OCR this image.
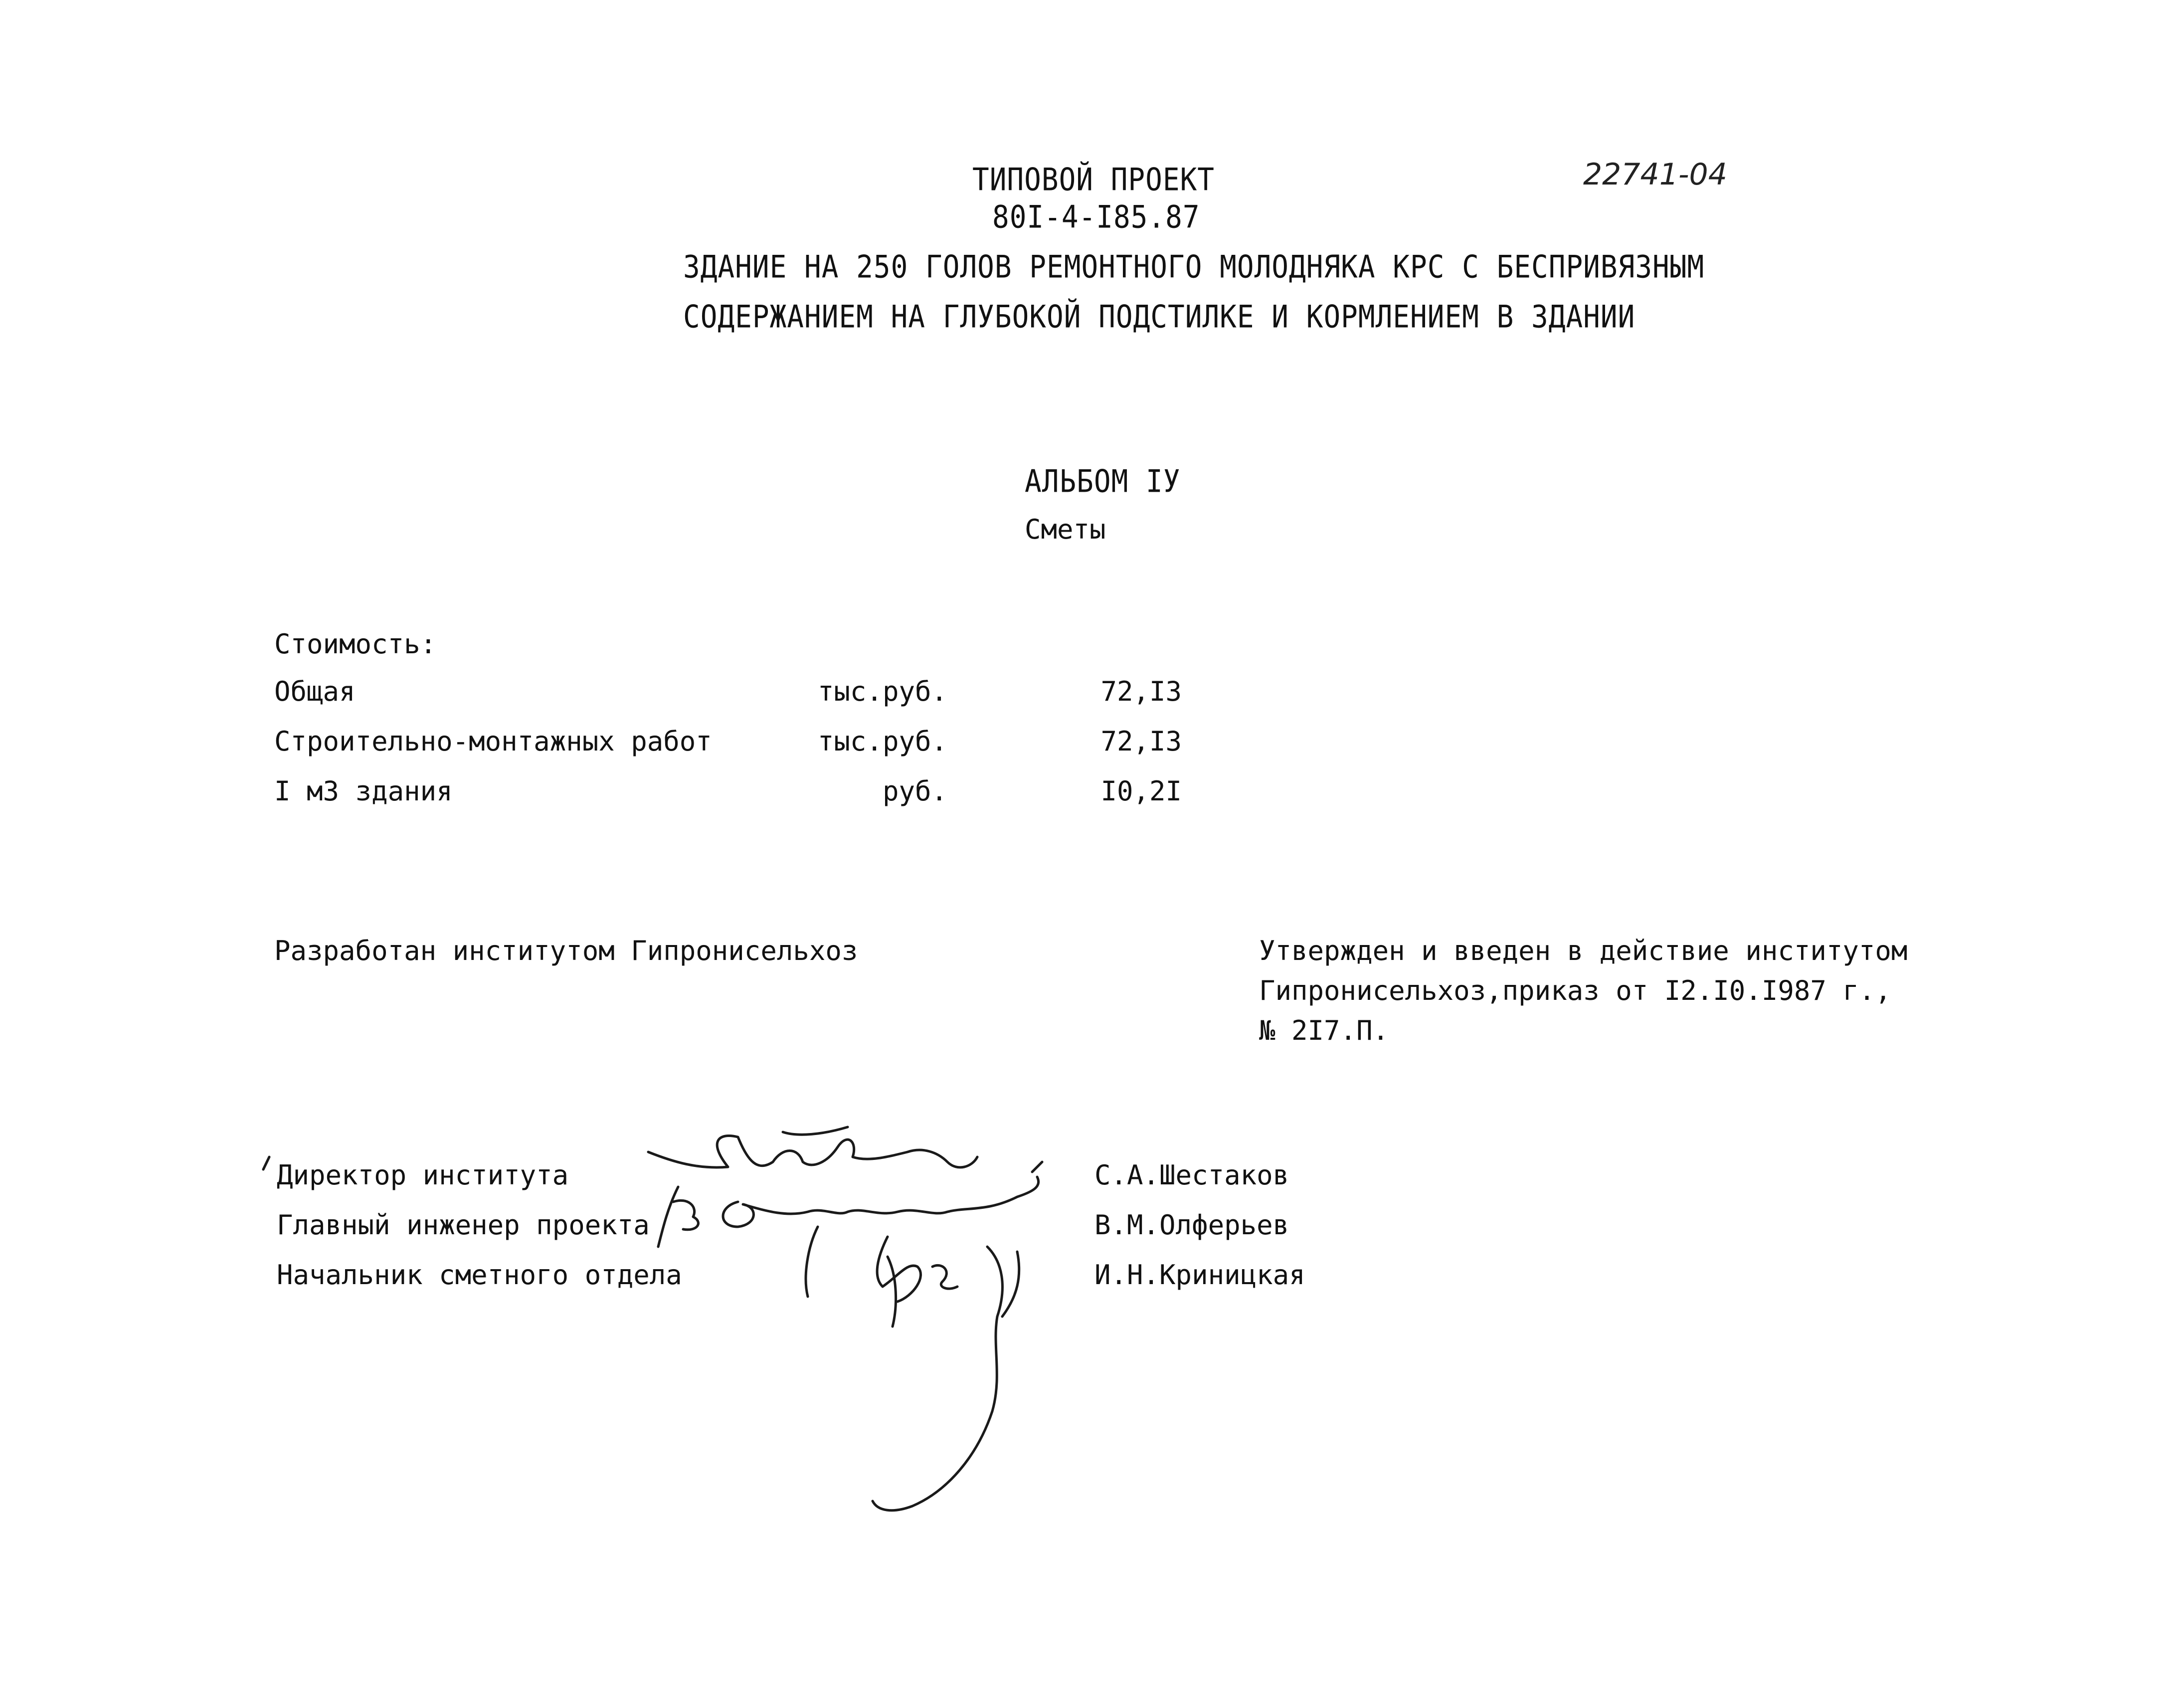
ТИПОВОЙ ПРОЕКТ
80I-4-I85.87
22741-04
ЗДАНИЕ НА 250 ГОЛОВ РЕМОНТНОГО МОЛОДНЯКА КРС С БЕСПРИВЯЗНЫМ
СОДЕРЖАНИЕМ НА ГЛУБОКОЙ ПОДСТИЛКЕ И КОРМЛЕНИЕМ В ЗДАНИИ
АЛЬБОМ IУ
Сметы
Стоимость:
Общая	тыс.руб.	72,I3
Строительно-монтажных работ	тыс.руб.	72,I3
I м3 здания	руб.	I0,2I
Разработан институтом Гипронисельхоз	Утвержден и введен в действие институтом
Гипронисельхоз,приказ от I2.I0.I987 г.,
№ 2I7.П.
Директор института	С.А.Шестаков
Главный инженер проекта	В.М.Олферьев
Начальник сметного отдела	И.Н.Криницкая
